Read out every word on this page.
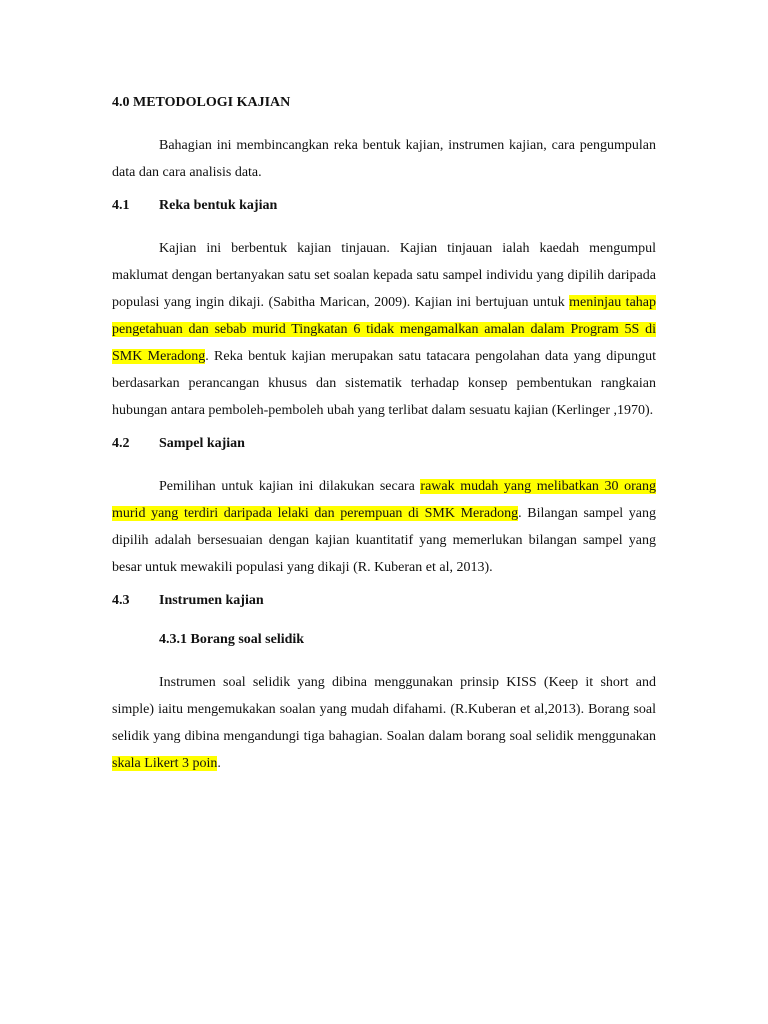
4.0 METODOLOGI KAJIAN

Bahagian ini membincangkan reka bentuk kajian, instrumen kajian, cara pengumpulan data dan cara analisis data.

4.1	Reka bentuk kajian

Kajian ini berbentuk kajian tinjauan. Kajian tinjauan ialah kaedah mengumpul maklumat dengan bertanyakan satu set soalan kepada satu sampel individu yang dipilih daripada populasi yang ingin dikaji. (Sabitha Marican, 2009). Kajian ini bertujuan untuk meninjau tahap pengetahuan dan sebab murid Tingkatan 6 tidak mengamalkan amalan dalam Program 5S di SMK Meradong. Reka bentuk kajian merupakan satu tatacara pengolahan data yang dipungut berdasarkan perancangan khusus dan sistematik terhadap konsep pembentukan rangkaian hubungan antara pemboleh-pemboleh ubah yang terlibat dalam sesuatu kajian (Kerlinger ,1970).

4.2	Sampel kajian

Pemilihan untuk kajian ini dilakukan secara rawak mudah yang melibatkan 30 orang murid yang terdiri daripada lelaki dan perempuan di SMK Meradong. Bilangan sampel yang dipilih adalah bersesuaian dengan kajian kuantitatif yang memerlukan bilangan sampel yang besar untuk mewakili populasi yang dikaji (R. Kuberan et al, 2013).

4.3	Instrumen kajian
4.3.1 Borang soal selidik

Instrumen soal selidik yang dibina menggunakan prinsip KISS (Keep it short and simple) iaitu mengemukakan soalan yang mudah difahami. (R.Kuberan et al,2013). Borang soal selidik yang dibina mengandungi tiga bahagian. Soalan dalam borang soal selidik menggunakan skala Likert 3 poin.
